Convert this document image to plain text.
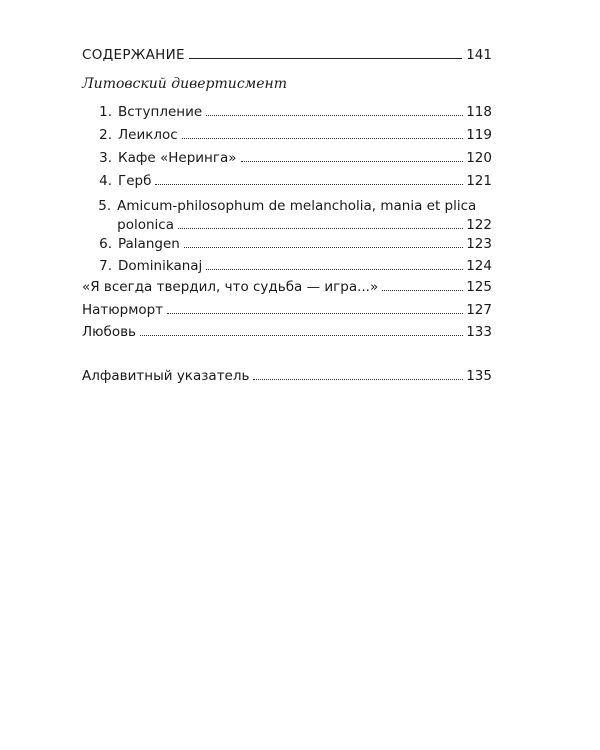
СОДЕРЖАНИЕ	141
Литовский дивертисмент
1. Вступление	118
2. Леиклос	119
3. Кафе «Неринга»	120
4. Герб	121
5. Amicum-philosophum de melancholia, mania et plica
polonica	122
6. Palangen	123
7. Dominikanaj	124
«Я всегда твердил, что судьба — игра...»	125
Натюрморт	127
Любовь	133
Алфавитный указатель	135
